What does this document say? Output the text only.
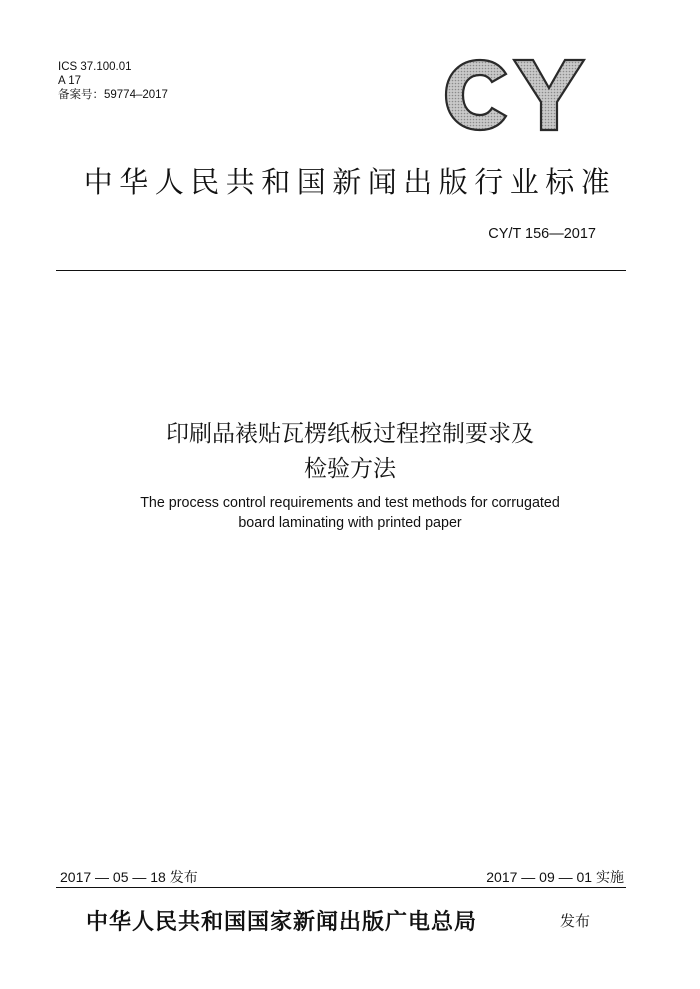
ICS 37.100.01
A 17
备案号：59774–2017
中华人民共和国新闻出版行业标准
CY/T 156—2017
印刷品裱贴瓦楞纸板过程控制要求及
检验方法
The process control requirements and test methods for corrugated
board laminating with printed paper
2017 — 05 — 18 发布	2017 — 09 — 01 实施
中华人民共和国国家新闻出版广电总局	发布
